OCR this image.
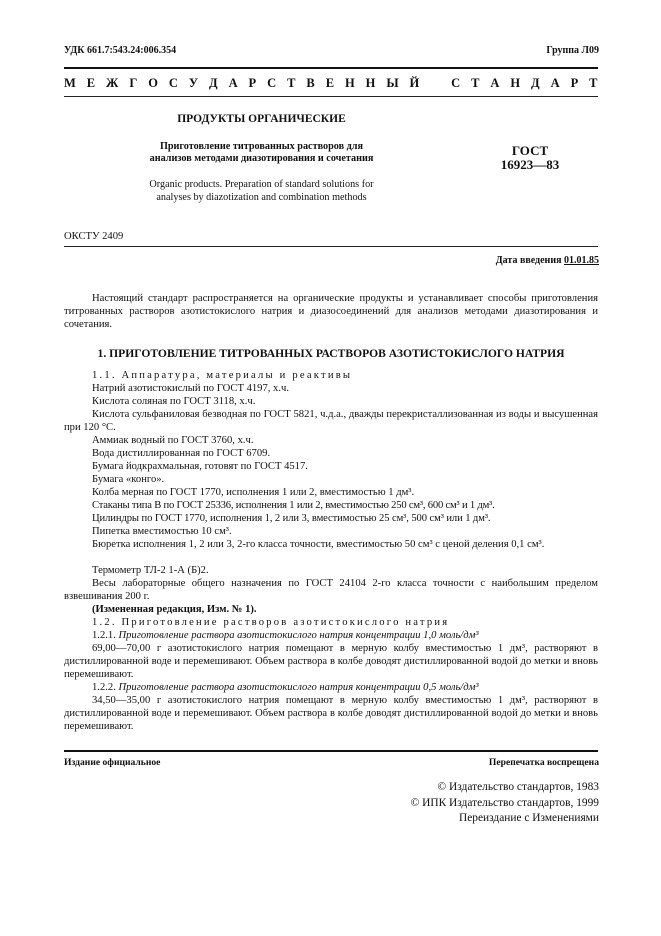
УДК 661.7:543.24:006.354	Группа Л09
М Е Ж Г О С У Д А Р С Т В Е Н Н Ы Й   С Т А Н Д А Р Т
ПРОДУКТЫ ОРГАНИЧЕСКИЕ
Приготовление титрованных растворов для
анализов методами диазотирования и сочетания
Organic products. Preparation of standard solutions for
analyses by diazotization and combination methods
ГОСТ
16923—83
ОКСТУ 2409
Дата введения 01.01.85
Настоящий стандарт распространяется на органические продукты и устанавливает способы приготовления титрованных растворов азотистокислого натрия и диазосоединений для анализов методами диазотирования и сочетания.
1. ПРИГОТОВЛЕНИЕ ТИТРОВАННЫХ РАСТВОРОВ АЗОТИСТОКИСЛОГО НАТРИЯ
1.1. Аппаратура, материалы и реактивы
Натрий азотистокислый по ГОСТ 4197, х.ч.
Кислота соляная по ГОСТ 3118, х.ч.
Кислота сульфаниловая безводная по ГОСТ 5821, ч.д.а., дважды перекристаллизованная из воды и высушенная при 120 °С.
Аммиак водный по ГОСТ 3760, х.ч.
Вода дистиллированная по ГОСТ 6709.
Бумага йодкрахмальная, готовят по ГОСТ 4517.
Бумага «конго».
Колба мерная по ГОСТ 1770, исполнения 1 или 2, вместимостью 1 дм³.
Стаканы типа В по ГОСТ 25336, исполнения 1 или 2, вместимостью 250 см³, 600 см³ и 1 дм³.
Цилиндры по ГОСТ 1770, исполнения 1, 2 или 3, вместимостью 25 см³, 500 см³ или 1 дм³.
Пипетка вместимостью 10 см³.
Бюретка исполнения 1, 2 или 3, 2-го класса точности, вместимостью 50 см³ с ценой деления 0,1 см³.
Термометр ТЛ-2 1-А (Б)2.
Весы лабораторные общего назначения по ГОСТ 24104 2-го класса точности с наибольшим пределом взвешивания 200 г.
(Измененная редакция, Изм. № 1).
1.2. Приготовление растворов азотистокислого натрия
1.2.1. Приготовление раствора азотистокислого натрия концентрации 1,0 моль/дм³
69,00—70,00 г азотистокислого натрия помещают в мерную колбу вместимостью 1 дм³, растворяют в дистиллированной воде и перемешивают. Объем раствора в колбе доводят дистиллированной водой до метки и вновь перемешивают.
1.2.2. Приготовление раствора азотистокислого натрия концентрации 0,5 моль/дм³
34,50—35,00 г азотистокислого натрия помещают в мерную колбу вместимостью 1 дм³, растворяют в дистиллированной воде и перемешивают. Объем раствора в колбе доводят дистиллированной водой до метки и вновь перемешивают.
Издание официальное	Перепечатка воспрещена
© Издательство стандартов, 1983
© ИПК Издательство стандартов, 1999
Переиздание с Изменениями
